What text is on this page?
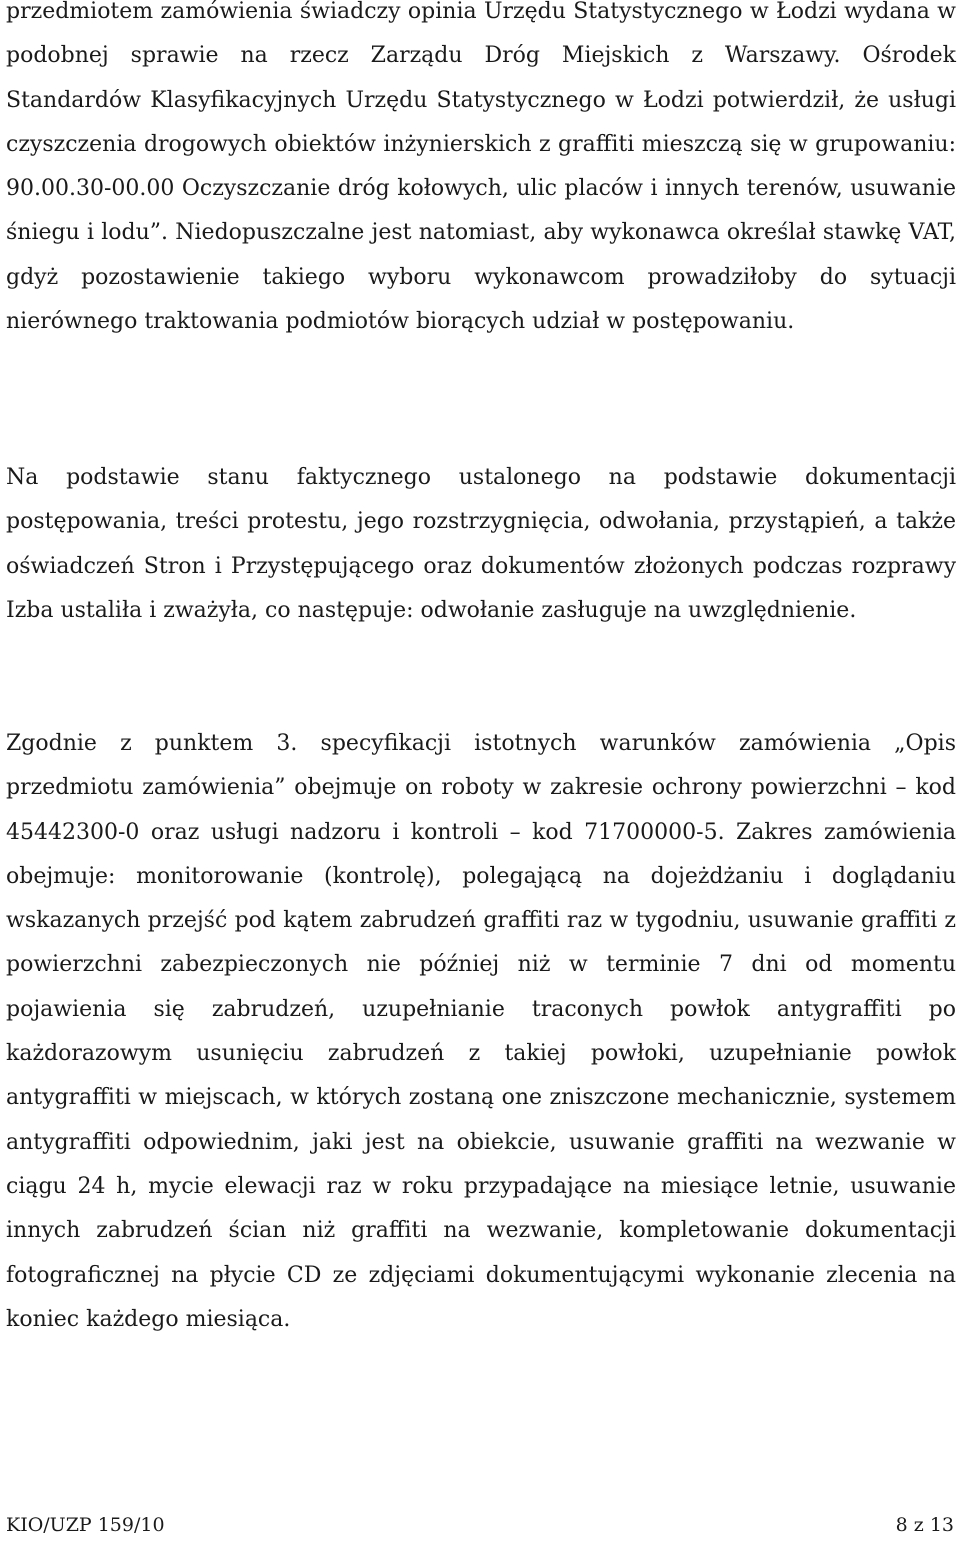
przedmiotem zamówienia świadczy opinia Urzędu Statystycznego w Łodzi wydana w podobnej sprawie na rzecz Zarządu Dróg Miejskich z Warszawy. Ośrodek Standardów Klasyfikacyjnych Urzędu Statystycznego w Łodzi potwierdził, że usługi czyszczenia drogowych obiektów inżynierskich z graffiti mieszczą się w grupowaniu: 90.00.30-00.00 Oczyszczanie dróg kołowych, ulic placów i innych terenów, usuwanie śniegu i lodu”. Niedopuszczalne jest natomiast, aby wykonawca określał stawkę VAT, gdyż pozostawienie takiego wyboru wykonawcom prowadziłoby do sytuacji nierównego traktowania podmiotów biorących udział w postępowaniu.

Na podstawie stanu faktycznego ustalonego na podstawie dokumentacji postępowania, treści protestu, jego rozstrzygnięcia, odwołania, przystąpień, a także oświadczeń Stron i Przystępującego oraz dokumentów złożonych podczas rozprawy Izba ustaliła i zważyła, co następuje: odwołanie zasługuje na uwzględnienie.

Zgodnie z punktem 3. specyfikacji istotnych warunków zamówienia „Opis przedmiotu zamówienia” obejmuje on roboty w zakresie ochrony powierzchni – kod 45442300-0 oraz usługi nadzoru i kontroli – kod 71700000-5. Zakres zamówienia obejmuje: monitorowanie (kontrolę), polegającą na dojeżdżaniu i doglądaniu wskazanych przejść pod kątem zabrudzeń graffiti raz w tygodniu, usuwanie graffiti z powierzchni zabezpieczonych nie później niż w terminie 7 dni od momentu pojawienia się zabrudzeń, uzupełnianie traconych powłok antygraffiti po każdorazowym usunięciu zabrudzeń z takiej powłoki, uzupełnianie powłok antygraffiti w miejscach, w których zostaną one zniszczone mechanicznie, systemem antygraffiti odpowiednim, jaki jest na obiekcie, usuwanie graffiti na wezwanie w ciągu 24 h, mycie elewacji raz w roku przypadające na miesiące letnie, usuwanie innych zabrudzeń ścian niż graffiti na wezwanie, kompletowanie dokumentacji fotograficznej na płycie CD ze zdjęciami dokumentującymi wykonanie zlecenia na koniec każdego miesiąca.

KIO/UZP 159/10	8 z 13
